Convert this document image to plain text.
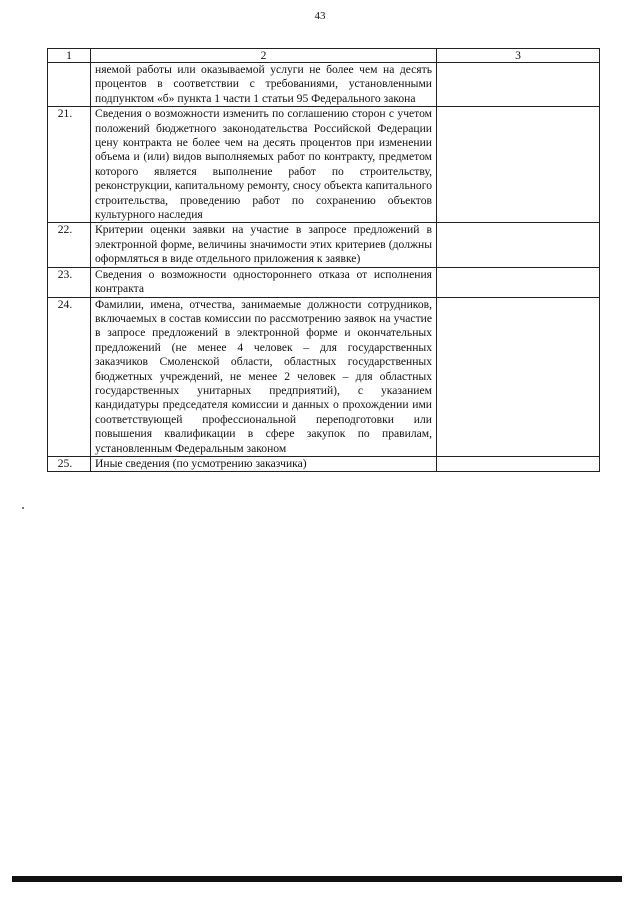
43
1	2	3

	няемой работы или оказываемой услуги не более чем на десять процентов в соответствии с требованиями, установленными подпунктом «б» пункта 1 части 1 статьи 95 Федерального закона	

21.	Сведения о возможности изменить по соглашению сторон с учетом положений бюджетного законодательства Российской Федерации цену контракта не более чем на десять процентов при изменении объема и (или) видов выполняемых работ по контракту, предметом которого является выполнение работ по строительству, реконструкции, капитальному ремонту, сносу объекта капитального строительства, проведению работ по сохранению объектов культурного наследия	

22.	Критерии оценки заявки на участие в запросе предложений в электронной форме, величины значимости этих критериев (должны оформляться в виде отдельного приложения к заявке)	

23.	Сведения о возможности одностороннего отказа от исполнения контракта	

24.	Фамилии, имена, отчества, занимаемые должности сотрудников, включаемых в состав комиссии по рассмотрению заявок на участие в запросе предложений в электронной форме и окончательных предложений (не менее 4 человек – для государственных заказчиков Смоленской области, областных государственных бюджетных учреждений, не менее 2 человек – для областных государственных унитарных предприятий), с указанием кандидатуры председателя комиссии и данных о прохождении ими соответствующей профессиональной переподготовки или повышения квалификации в сфере закупок по правилам, установленным Федеральным законом	

25.	Иные сведения (по усмотрению заказчика)	
